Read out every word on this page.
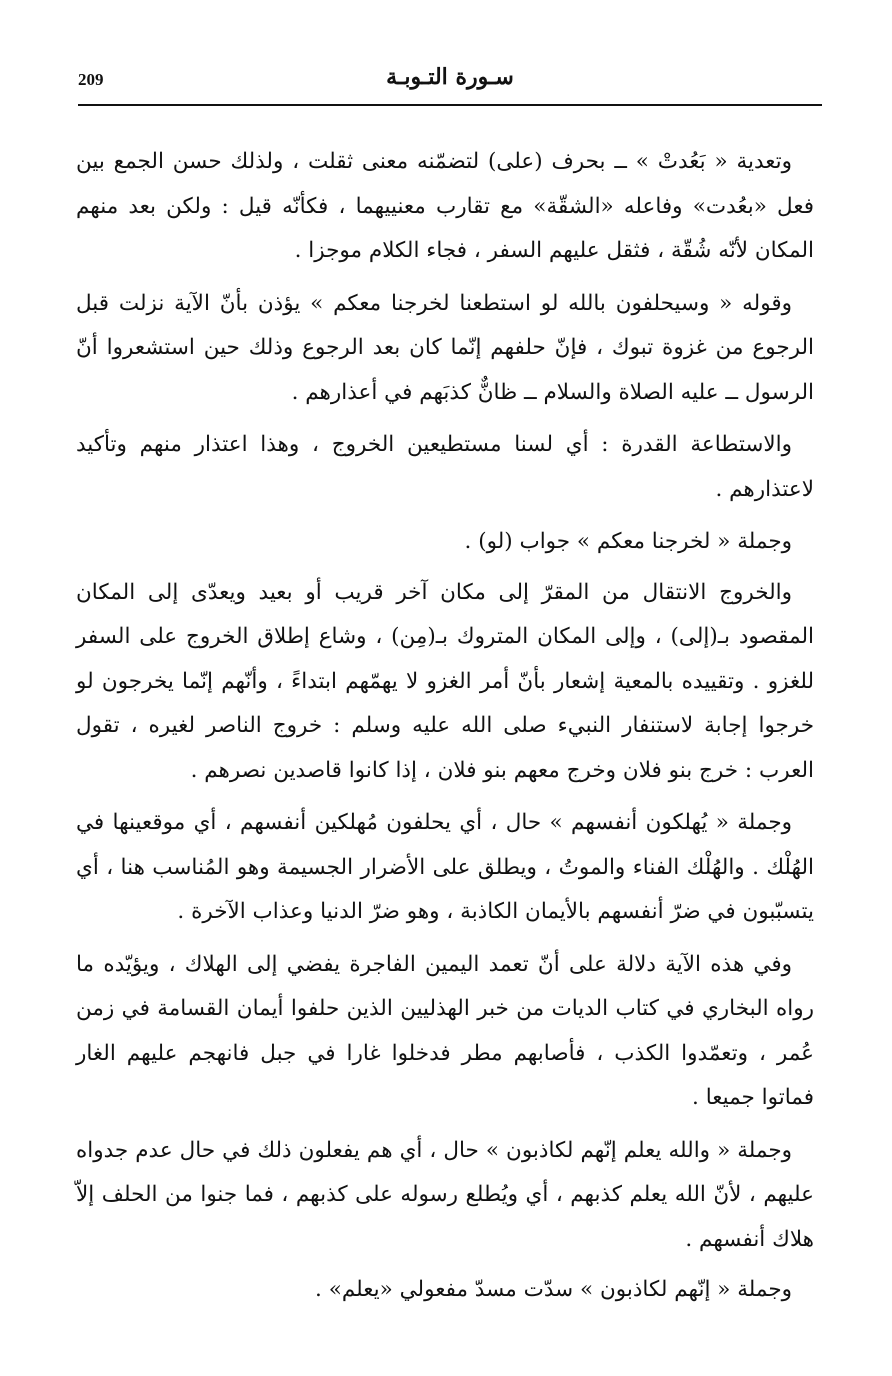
209	سـورة التـوبـة

وتعدية « بَعُدتْ » ــ بحرف (على) لتضمّنه معنى ثقلت ، ولذلك حسن الجمع بين فعل «بعُدت» وفاعله «الشقّة» مع تقارب معنييهما ، فكأنّه قيل : ولكن بعد منهم المكان لأنّه شُقّة ، فثقل عليهم السفر ، فجاء الكلام موجزا .

وقوله « وسيحلفون بالله لو استطعنا لخرجنا معكم » يؤذن بأنّ الآية نزلت قبل الرجوع من غزوة تبوك ، فإنّ حلفهم إنّما كان بعد الرجوع وذلك حين استشعروا أنّ الرسول ــ عليه الصلاة والسلام ــ ظانٌّ كذبَهم في أعذارهم .

والاستطاعة القدرة : أي لسنا مستطيعين الخروج ، وهذا اعتذار منهم وتأكيد لاعتذارهم .

وجملة « لخرجنا معكم » جواب (لو) .

والخروج الانتقال من المقرّ إلى مكان آخر قريب أو بعيد ويعدّى إلى المكان المقصود بـ(إلى) ، وإلى المكان المتروك بـ(مِن) ، وشاع إطلاق الخروج على السفر للغزو . وتقييده بالمعية إشعار بأنّ أمر الغزو لا يهمّهم ابتداءً ، وأنّهم إنّما يخرجون لو خرجوا إجابة لاستنفار النبيء صلى الله عليه وسلم : خروج الناصر لغيره ، تقول العرب : خرج بنو فلان وخرج معهم بنو فلان ، إذا كانوا قاصدين نصرهم .

وجملة « يُهلكون أنفسهم » حال ، أي يحلفون مُهلكين أنفسهم ، أي موقعينها في الهُلْك . والهُلْك الفناء والموتُ ، ويطلق على الأضرار الجسيمة وهو المُناسب هنا ، أي يتسبّبون في ضرّ أنفسهم بالأيمان الكاذبة ، وهو ضرّ الدنيا وعذاب الآخرة .

وفي هذه الآية دلالة على أنّ تعمد اليمين الفاجرة يفضي إلى الهلاك ، ويؤيّده ما رواه البخاري في كتاب الديات من خبر الهذليين الذين حلفوا أيمان القسامة في زمن عُمر ، وتعمّدوا الكذب ، فأصابهم مطر فدخلوا غارا في جبل فانهجم عليهم الغار فماتوا جميعا .

وجملة « والله يعلم إنّهم لكاذبون » حال ، أي هم يفعلون ذلك في حال عدم جدواه عليهم ، لأنّ الله يعلم كذبهم ، أي ويُطلع رسوله على كذبهم ، فما جنوا من الحلف إلاّ هلاك أنفسهم .

وجملة « إنّهم لكاذبون » سدّت مسدّ مفعولي «يعلم» .
